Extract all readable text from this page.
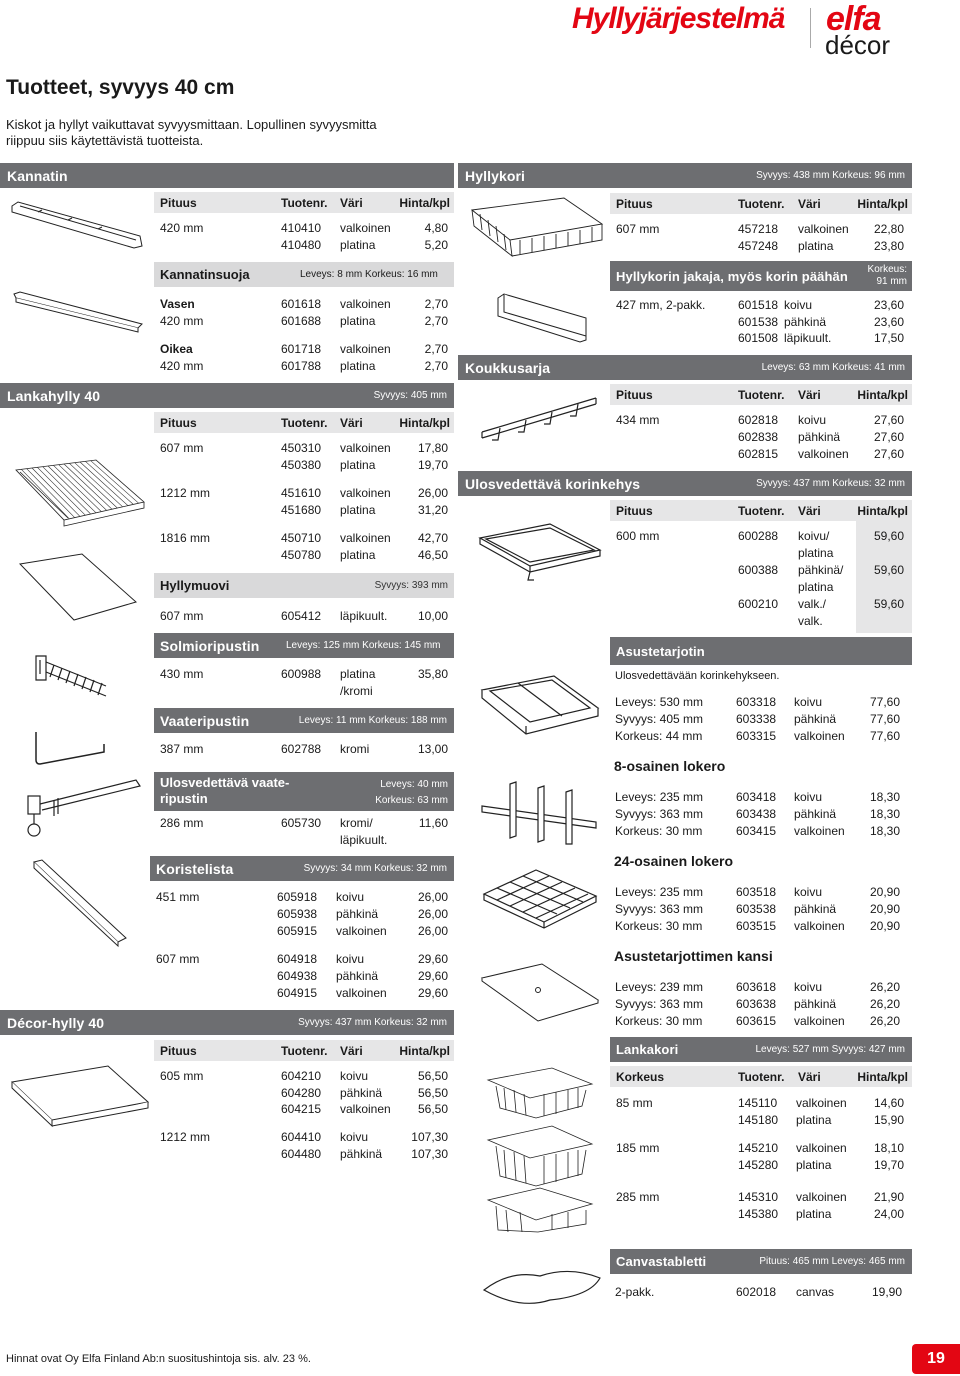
Hyllyjärjestelmä elfa
décor
Tuotteet, syvyys 40 cm
Kiskot ja hyllyt vaikuttavat syvyysmittaan. Lopullinen syvyysmitta
riippuu siis käytettävistä tuotteista.
Kannatin
Pituus	Tuotenr. Väri	Hinta/kpl
420 mm	410410 valkoinen	4,80
410480 platina	5,20
Kannatinsuoja	Leveys: 8 mm Korkeus: 16 mm
Vasen	601618 valkoinen	2,70
420 mm	601688 platina	2,70
Oikea	601718 valkoinen	2,70
420 mm	601788 platina	2,70
Lankahylly 40	Syvyys: 405 mm
Pituus	Tuotenr. Väri	Hinta/kpl
607 mm	450310 valkoinen 17,80
450380 platina	19,70
1212 mm	451610 valkoinen 26,00
451680 platina	31,20
1816 mm	450710 valkoinen 42,70
450780 platina	46,50
Hyllymuovi	Syvyys: 393 mm
607 mm	605412 läpikuult.	10,00
Solmioripustin	Leveys: 125 mm Korkeus: 145 mm
430 mm	600988 platina	35,80
/kromi
Vaateripustin	Leveys: 11 mm Korkeus: 188 mm
387 mm	602788 kromi	13,00
Ulosvedettävä vaate-
ripustin
Leveys: 40 mm
Korkeus: 63 mm
286 mm	605730 kromi/	11,60
läpikuult.
Koristelista	Syvyys: 34 mm Korkeus: 32 mm
451 mm	605918 koivu	26,00
605938 pähkinä	26,00
605915 valkoinen	26,00
607 mm	604918 koivu	29,60
604938 pähkinä	29,60
604915 valkoinen	29,60
Décor-hylly 40	Syvyys: 437 mm Korkeus: 32 mm
Pituus	Tuotenr. Väri	Hinta/kpl
605 mm	604210 koivu	56,50
604280 pähkinä	56,50
604215 valkoinen 56,50
1212 mm	604410 koivu	107,30
604480 pähkinä 107,30
Hyllykori	Syvyys: 438 mm Korkeus: 96 mm
Pituus	Tuotenr. Väri	Hinta/kpl
607 mm	457218 valkoinen 22,80
457248 platina	23,80
Hyllykorin jakaja, myös korin päähän Korkeus:
91 mm
427 mm, 2-pakk.	601518 koivu	23,60
601538 pähkinä	23,60
601508 läpikuult.	17,50
Koukkusarja	Leveys: 63 mm Korkeus: 41 mm
Pituus	Tuotenr. Väri	Hinta/kpl
434 mm	602818 koivu	27,60
602838 pähkinä	27,60
602815 valkoinen 27,60
Ulosvedettävä korinkehys	Syvyys: 437 mm Korkeus: 32 mm
Pituus	Tuotenr. Väri	Hinta/kpl
600 mm	600288 koivu/	59,60
platina
600388 pähkinä/	59,60
platina
600210 valk./	59,60
valk.
Asustetarjotin
Ulosvedettävään korinkehykseen.
Leveys: 530 mm	603318 koivu	77,60
Syvyys: 405 mm	603338 pähkinä	77,60
Korkeus: 44 mm	603315 valkoinen 77,60
8-osainen lokero
Leveys: 235 mm	603418 koivu	18,30
Syvyys: 363 mm	603438 pähkinä	18,30
Korkeus: 30 mm	603415 valkoinen 18,30
24-osainen lokero
Leveys: 235 mm	603518 koivu	20,90
Syvyys: 363 mm	603538 pähkinä	20,90
Korkeus: 30 mm	603515 valkoinen 20,90
Asustetarjottimen kansi
Leveys: 239 mm	603618 koivu	26,20
Syvyys: 363 mm	603638 pähkinä	26,20
Korkeus: 30 mm	603615 valkoinen 26,20
Lankakori	Leveys: 527 mm Syvyys: 427 mm
Korkeus	Tuotenr. Väri	Hinta/kpl
85 mm	145110 valkoinen 14,60
145180 platina	15,90
185 mm	145210 valkoinen 18,10
145280 platina	19,70
285 mm	145310 valkoinen 21,90
145380 platina	24,00
Canvastabletti	Pituus: 465 mm Leveys: 465 mm
2-pakk.	602018 canvas	19,90
Hinnat ovat Oy Elfa Finland Ab:n suositushintoja sis. alv. 23 %.	19
